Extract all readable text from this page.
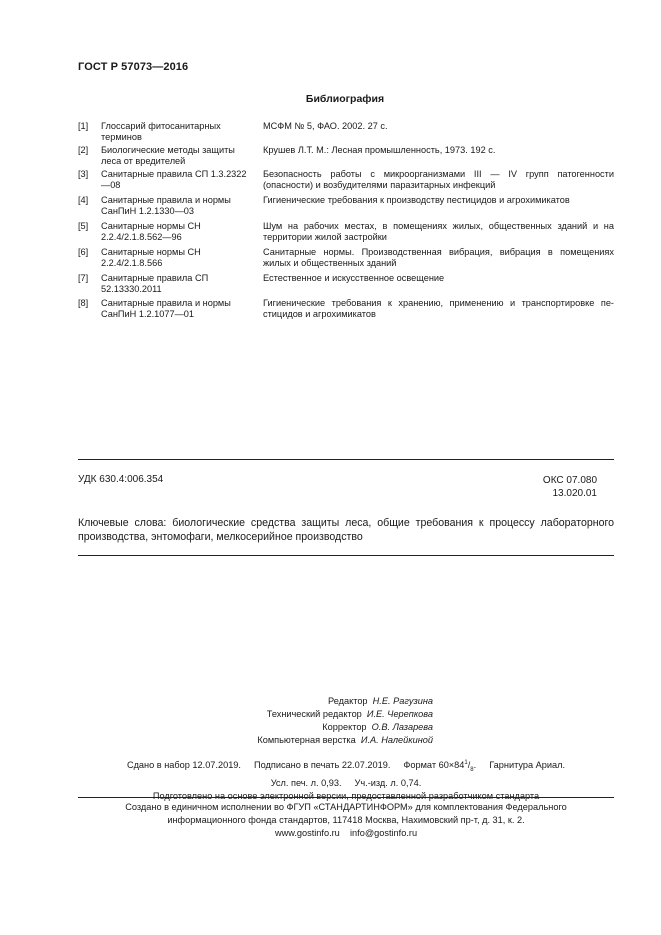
ГОСТ Р 57073—2016
Библиография
[1] Глоссарий фитосанитарных терминов
МСФМ № 5, ФАО. 2002. 27 с.
[2] Биологические методы защиты леса от вредителей
Крушев Л.Т. М.: Лесная промышленность, 1973. 192 с.
[3] Санитарные правила СП 1.3.2322—08
Безопасность работы с микроорганизмами III — IV групп патогенности (опасности) и возбудителями паразитарных инфекций
[4] Санитарные правила и нормы СанПиН 1.2.1330—03
Гигиенические требования к производству пестицидов и агрохимикатов
[5] Санитарные нормы СН 2.2.4/2.1.8.562—96
Шум на рабочих местах, в помещениях жилых, общественных зданий и на территории жилой застройки
[6] Санитарные нормы СН 2.2.4/2.1.8.566
Санитарные нормы. Производственная вибрация, вибрация в помещениях жилых и общественных зданий
[7] Санитарные правила СП 52.13330.2011
Естественное и искусственное освещение
[8] Санитарные правила и нормы СанПиН 1.2.1077—01
Гигиенические требования к хранению, применению и транспортировке пе-стицидов и агрохимикатов
УДК 630.4:006.354	ОКС 07.080
13.020.01
Ключевые слова: биологические средства защиты леса, общие требования к процессу лабораторного производства, энтомофаги, мелкосерийное производство
Редактор Н.Е. Рагузина
Технический редактор И.Е. Черепкова
Корректор О.В. Лазарева
Компьютерная верстка И.А. Налейкиной
Сдано в набор 12.07.2019. Подписано в печать 22.07.2019. Формат $60\times 84^1/_8$. Гарнитура Ариал.
Усл. печ. л. 0,93. Уч.-изд. л. 0,74.
Подготовлено на основе электронной версии, предоставленной разработчиком стандарта
Создано в единичном исполнении во ФГУП «СТАНДАРТИНФОРМ» для комплектования Федерального
информационного фонда стандартов, 117418 Москва, Нахимовский пр-т, д. 31, к. 2.
www.gostinfo.ru info@gostinfo.ru
